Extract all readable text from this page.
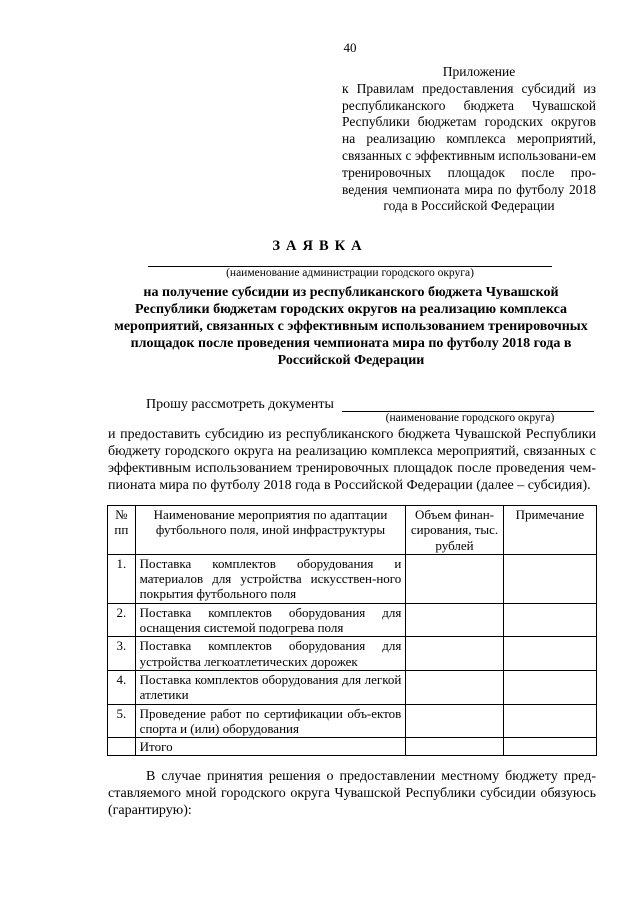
40
Приложение
к Правилам предоставления субсидий из республиканского бюджета Чувашской Республики бюджетам городских округов на реализацию комплекса мероприятий, связанных с эффективным использовани-ем тренировочных площадок после про-ведения чемпионата мира по футболу 2018 года в Российской Федерации
ЗАЯВКА
(наименование администрации городского округа)
на получение субсидии из республиканского бюджета Чувашской Республики бюджетам городских округов на реализацию комплекса мероприятий, связанных с эффективным использованием тренировочных площадок после проведения чемпионата мира по футболу 2018 года в Российской Федерации
Прошу рассмотреть документы
(наименование городского округа)
и предоставить субсидию из республиканского бюджета Чувашской Республики бюджету городского округа на реализацию комплекса мероприятий, связанных с эффективным использованием тренировочных площадок после проведения чем-пионата мира по футболу 2018 года в Российской Федерации (далее – субсидия).
№ пп	Наименование мероприятия по адаптации футбольного поля, иной инфраструктуры	Объем финан-сирования, тыс. рублей	Примечание
1.	Поставка комплектов оборудования и материалов для устройства искусствен-ного покрытия футбольного поля		
2.	Поставка комплектов оборудования для оснащения системой подогрева поля		
3.	Поставка комплектов оборудования для устройства легкоатлетических дорожек		
4.	Поставка комплектов оборудования для легкой атлетики		
5.	Проведение работ по сертификации объ-ектов спорта и (или) оборудования		
	Итого		
В случае принятия решения о предоставлении местному бюджету пред-ставляемого мной городского округа Чувашской Республики субсидии обязуюсь (гарантирую):
